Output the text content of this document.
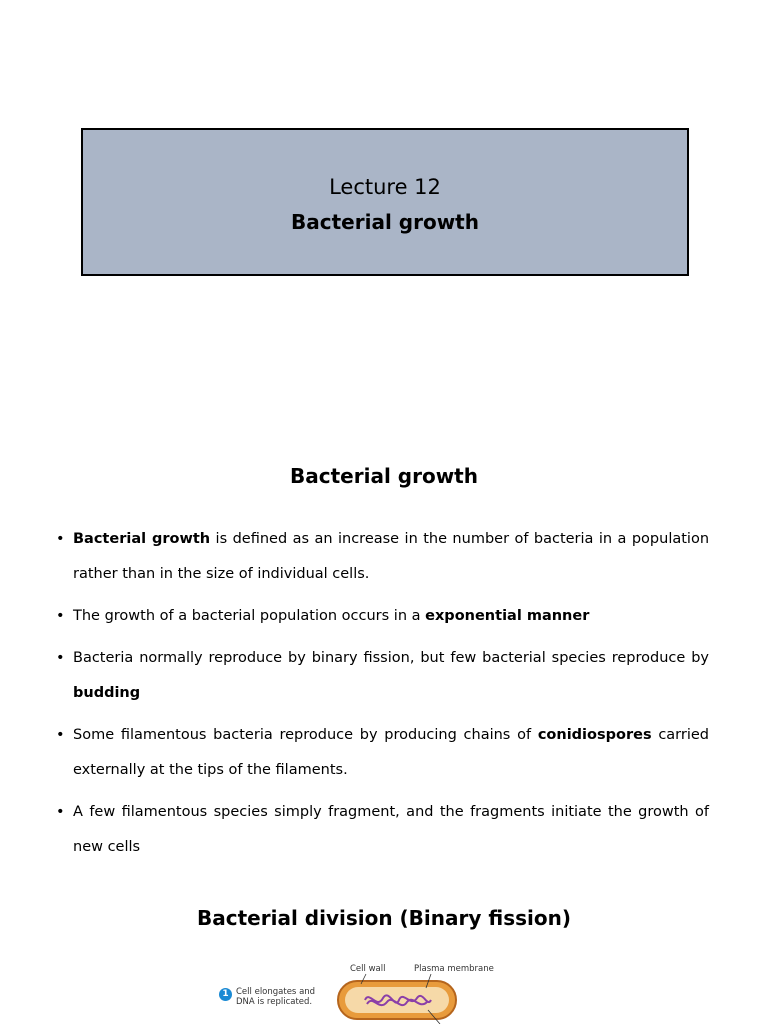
Lecture 12
Bacterial growth
Bacterial growth
• Bacterial growth is defined as an increase in the number of bacteria in a population rather than in the size of individual cells.
• The growth of a bacterial population occurs in a exponential manner
• Bacteria normally reproduce by binary fission, but few bacterial species reproduce by budding
• Some filamentous bacteria reproduce by producing chains of conidiospores carried externally at the tips of the filaments.
• A few filamentous species simply fragment, and the fragments initiate the growth of new cells
Bacterial division (Binary fission)
1 Cell elongates and DNA is replicated.
Cell wall	Plasma membrane
